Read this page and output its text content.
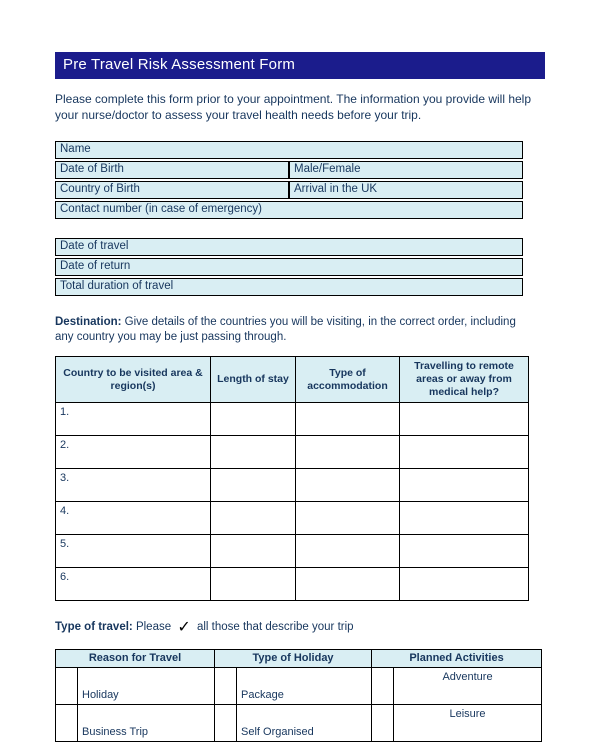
Pre Travel Risk Assessment Form

Please complete this form prior to your appointment. The information you provide will help your nurse/doctor to assess your travel health needs before your trip.

Name	
Date of Birth	Male/Female
Country of Birth	Arrival in the UK
Contact number (in case of emergency)	
Date of travel
Date of return
Total duration of travel

Destination: Give details of the countries you will be visiting, in the correct order, including any country you may be just passing through.

Country to be visited area & region(s)	Length of stay	Type of accommodation	Travelling to remote areas or away from medical help?
1.			
2.			
3.			
4.			
5.			
6.			

Type of travel: Please ✓ all those that describe your trip

Reason for Travel		Type of Holiday		Planned Activities	
	Holiday		Package		Adventure
	Business Trip		Self Organised		Leisure
